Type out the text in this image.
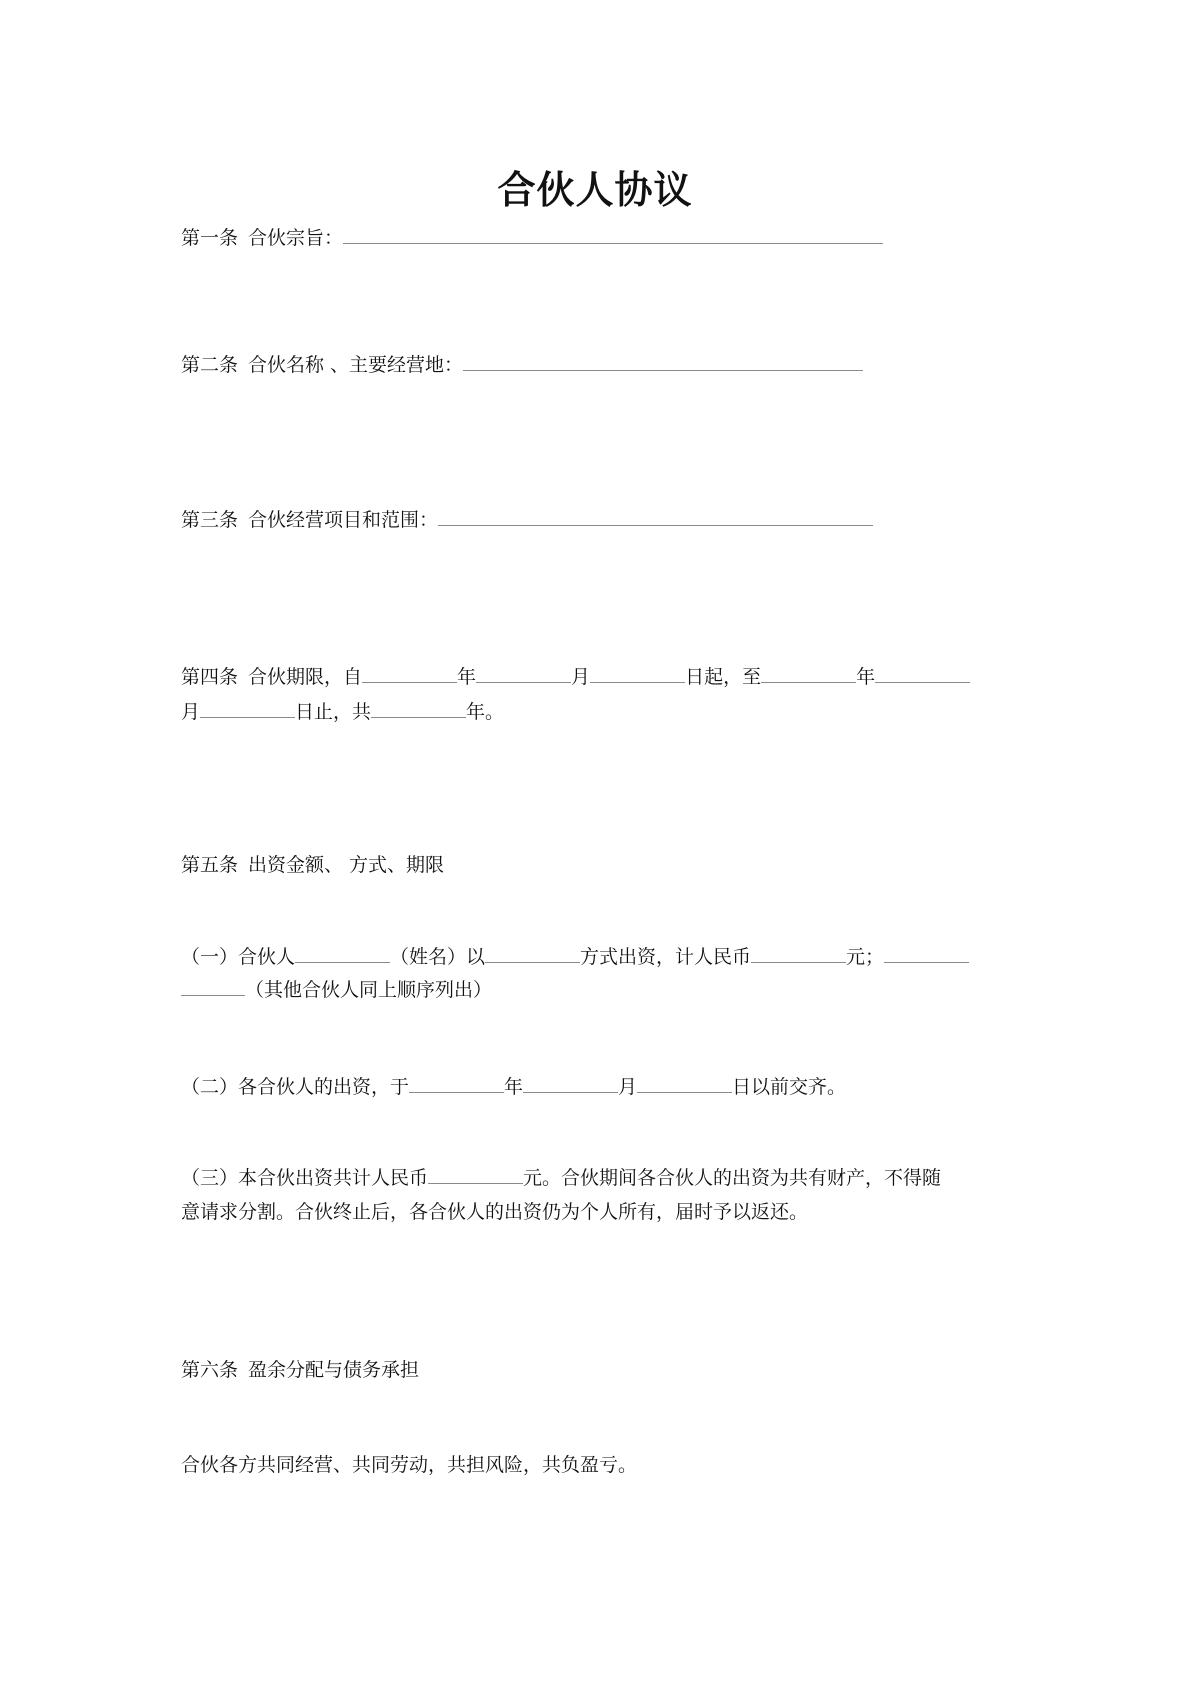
合伙人协议
第一条 合伙宗旨：
第二条 合伙名称 、主要经营地：
第三条 合伙经营项目和范围：
第四条 合伙期限，自	年	月	日起，至	年
月	日止，共	年。
第五条 出资金额、 方式、期限
（一）合伙人	（姓名）以	方式出资，计人民币	元；
（其他合伙人同上顺序列出）
（二）各合伙人的出资，于	年	月	日以前交齐。
（三）本合伙出资共计人民币	元。合伙期间各合伙人的出资为共有财产，不得随
意请求分割。合伙终止后，各合伙人的出资仍为个人所有，届时予以返还。
第六条 盈余分配与债务承担
合伙各方共同经营、共同劳动，共担风险，共负盈亏。
